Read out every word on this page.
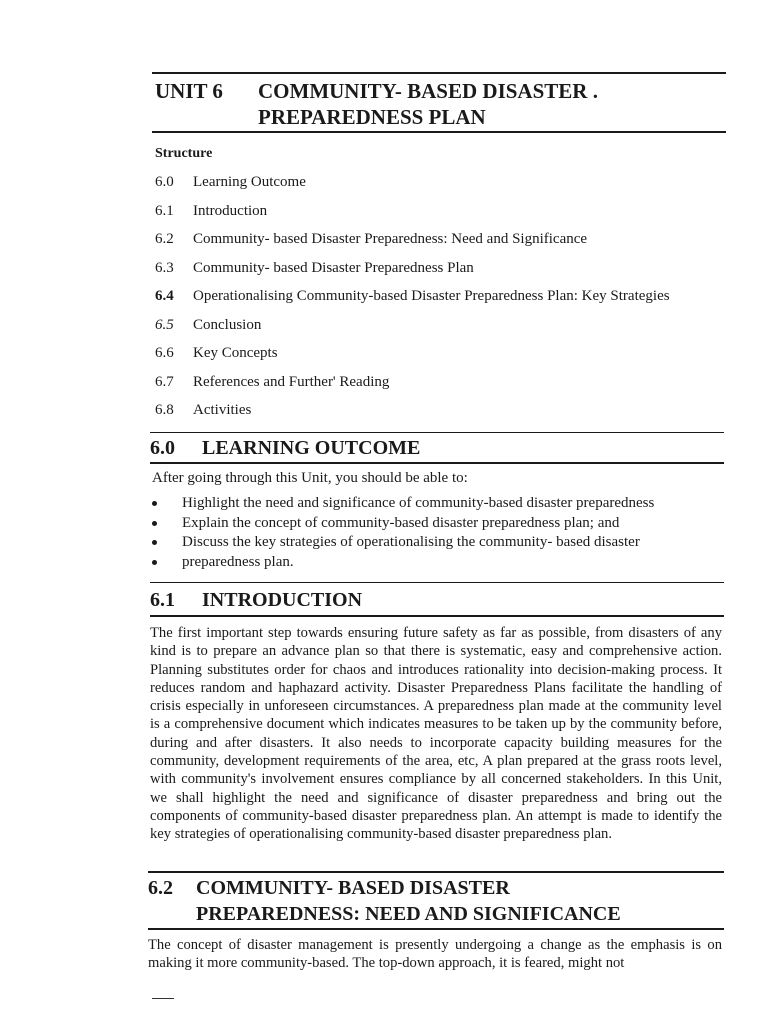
UNIT 6 COMMUNITY- BASED DISASTER .
PREPAREDNESS PLAN
Structure
6.0 Learning Outcome
6.1 Introduction
6.2 Community- based Disaster Preparedness: Need and Significance
6.3 Community- based Disaster Preparedness Plan
6.4 Operationalising Community-based Disaster Preparedness Plan: Key Strategies
6.5 Conclusion
6.6 Key Concepts
6.7 References and Further' Reading
6.8 Activities
6.0 LEARNING OUTCOME
After going through this Unit, you should be able to:
Highlight the need and significance of community-based disaster preparedness
Explain the concept of community-based disaster preparedness plan; and
Discuss the key strategies of operationalising the community- based disaster
preparedness plan.
6.1 INTRODUCTION

The first important step towards ensuring future safety as far as possible, from disasters of any kind is to prepare an advance plan so that there is systematic, easy and comprehensive action. Planning substitutes order for chaos and introduces rationality into decision-making process. It reduces random and haphazard activity. Disaster Preparedness Plans facilitate the handling of crisis especially in unforeseen circumstances. A preparedness plan made at the community level is a comprehensive document which indicates measures to be taken up by the community before, during and after disasters. It also needs to incorporate capacity building measures for the community, development requirements of the area, etc, A plan prepared at the grass roots level, with community's involvement ensures compliance by all concerned stakeholders. In this Unit, we shall highlight the need and significance of disaster preparedness and bring out the components of community-based disaster preparedness plan. An attempt is made to identify the key strategies of operationalising community-based disaster preparedness plan.

6.2 COMMUNITY- BASED DISASTER
PREPAREDNESS: NEED AND SIGNIFICANCE

The concept of disaster management is presently undergoing a change as the emphasis is on making it more community-based. The top-down approach, it is feared, might not
